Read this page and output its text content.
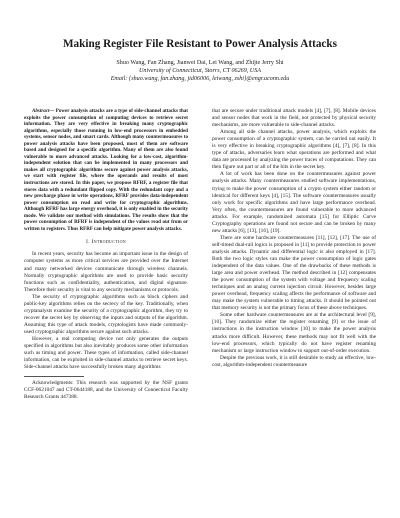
Making Register File Resistant to Power Analysis Attacks
Shuo Wang, Fan Zhang, Jianwei Dai, Lei Wang, and Zhijie Jerry Shi
University of Connecticut, Storrs, CT 06269, USA
Email: {shuo.wang, fan.zhang, jid06006, leiwang, zshi}@engr.uconn.edu

Abstract— Power analysis attacks are a type of side-channel attacks that exploits the power consumption of computing devices to retrieve secret information. They are very effective in breaking many cryptographic algorithms, especially those running in low-end processors in embedded systems, sensor nodes, and smart cards. Although many countermeasures to power analysis attacks have been proposed, most of them are software based and designed for a specific algorithm. Many of them are also found vulnerable to more advanced attacks. Looking for a low-cost, algorithm-independent solution that can be implemented in many processors and makes all cryptographic algorithms secure against power analysis attacks, we start with register file, where the operands and results of most instructions are stored. In this paper, we propose RFRF, a register file that stores data with a redundant flipped copy. With the redundant copy and a new precharge phase in write operations, RFRF provides data-independent power consumption on read and write for cryptographic algorithms. Although RFRF has large energy overhead, it is only enabled in the security mode. We validate our method with simulations. The results show that the power consumption of RFRF is independent of the values read out from or written to registers. Thus RFRF can help mitigate power analysis attacks.

I. Introduction

In recent years, security has become an important issue in the design of computer systems as more critical services are provided over the Internet and many networked devices communicate through wireless channels. Normally cryptographic algorithms are used to provide basic security functions such as confidentiality, authentication, and digital signature. Therefore their security is vital to any security mechanisms or protocols.

The security of cryptographic algorithms such as block ciphers and public-key algorithms relies on the secrecy of the key. Traditionally, when cryptanalysts examine the security of a cryptographic algorithm, they try to recover the secret key by observing the inputs and outputs of the algorithm. Assuming this type of attack models, cryptologists have made commonly-used cryptographic algorithms secure against such attacks.

However, a real computing device not only generates the outputs specified in algorithms but also inevitably produces some other information such as timing and power. These types of information, called side-channel information, can be exploited in side-channel attacks to retrieve secret keys. Side-channel attacks have successfully broken many algorithms

Acknowledgments: This research was supported by the NSF grants CCF-0621047 and CT-0644188, and the University of Connecticut Faculty Research Grants 447388.

that are secure under traditional attack models [4], [7], [8]. Mobile devices and sensor nodes that work in the field, not protected by physical security mechanisms, are more vulnerable to side-channel attacks.

Among all side channel attacks, power analysis, which exploits the power consumption of a cryptographic system, can be carried out easily. It is very effective in breaking cryptographic algorithms [4], [7], [8]. In this type of attacks, adversaries learn what operations are performed and what data are processed by analyzing the power traces of computations. They can then figure out part or all of the bits in the secret key.

A lot of work has been done on the countermeasures against power analysis attacks. Many countermeasures studied software implementations, trying to make the power consumption of a crypto system either random or identical for different keys [4], [15]. The software countermeasures usually only work for specific algorithms and have large performance overhead. Very often, the countermeasures are found vulnerable to more advanced attacks. For example, randomized automata [15] for Elliptic Curve Cryptography operations are found not secure and can be broken by many new attacks [6], [13], [16], [19].

There are some hardware countermeasures [11], [12], [17]. The use of self-timed dual-rail logics is proposed in [11] to provide protection to power analysis attacks. Dynamic and differential logic is also employed in [17]. Both the two logic styles can make the power consumption of logic gates independent of the data values. One of the drawbacks of these methods is large area and power overhead. The method described in [12] compensates the power consumption of the system with voltage and frequency scaling techniques and an analog current injection circuit. However, besides large power overhead, frequency scaling affects the performance of software and may make the system vulnerable to timing attacks. It should be pointed out that memory security is not the primary focus of these above techniques.

Some other hardware countermeasures are at the architectural level [9], [10]. They randomize either the register renaming [9] or the issue of instructions in the instruction window [10] to make the power analysis attacks more difficult. However, these methods may not fit well with the low-end processors, which typically do not have register renaming mechanism or large instruction window to support out-of-order execution.

Despite the previous work, it is still desirable to study an effective, low-cost, algorithm-independent countermeasure
